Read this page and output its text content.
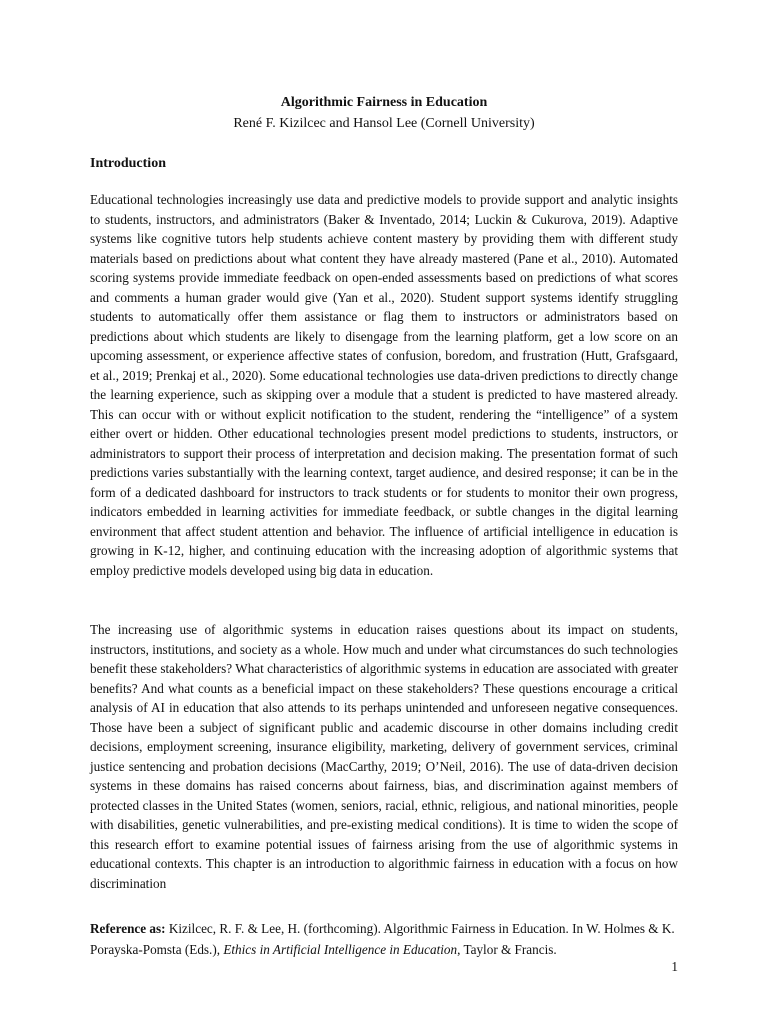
Algorithmic Fairness in Education
René F. Kizilcec and Hansol Lee (Cornell University)
Introduction

Educational technologies increasingly use data and predictive models to provide support and analytic insights to students, instructors, and administrators (Baker & Inventado, 2014; Luckin & Cukurova, 2019). Adaptive systems like cognitive tutors help students achieve content mastery by providing them with different study materials based on predictions about what content they have already mastered (Pane et al., 2010). Automated scoring systems provide immediate feedback on open-ended assessments based on predictions of what scores and comments a human grader would give (Yan et al., 2020). Student support systems identify struggling students to automatically offer them assistance or flag them to instructors or administrators based on predictions about which students are likely to disengage from the learning platform, get a low score on an upcoming assessment, or experience affective states of confusion, boredom, and frustration (Hutt, Grafsgaard, et al., 2019; Prenkaj et al., 2020). Some educational technologies use data-driven predictions to directly change the learning experience, such as skipping over a module that a student is predicted to have mastered already. This can occur with or without explicit notification to the student, rendering the “intelligence” of a system either overt or hidden. Other educational technologies present model predictions to students, instructors, or administrators to support their process of interpretation and decision making. The presentation format of such predictions varies substantially with the learning context, target audience, and desired response; it can be in the form of a dedicated dashboard for instructors to track students or for students to monitor their own progress, indicators embedded in learning activities for immediate feedback, or subtle changes in the digital learning environment that affect student attention and behavior. The influence of artificial intelligence in education is growing in K-12, higher, and continuing education with the increasing adoption of algorithmic systems that employ predictive models developed using big data in education.

The increasing use of algorithmic systems in education raises questions about its impact on students, instructors, institutions, and society as a whole. How much and under what circumstances do such technologies benefit these stakeholders? What characteristics of algorithmic systems in education are associated with greater benefits? And what counts as a beneficial impact on these stakeholders? These questions encourage a critical analysis of AI in education that also attends to its perhaps unintended and unforeseen negative consequences. Those have been a subject of significant public and academic discourse in other domains including credit decisions, employment screening, insurance eligibility, marketing, delivery of government services, criminal justice sentencing and probation decisions (MacCarthy, 2019; O’Neil, 2016). The use of data-driven decision systems in these domains has raised concerns about fairness, bias, and discrimination against members of protected classes in the United States (women, seniors, racial, ethnic, religious, and national minorities, people with disabilities, genetic vulnerabilities, and pre-existing medical conditions). It is time to widen the scope of this research effort to examine potential issues of fairness arising from the use of algorithmic systems in educational contexts. This chapter is an introduction to algorithmic fairness in education with a focus on how discrimination

Reference as: Kizilcec, R. F. & Lee, H. (forthcoming). Algorithmic Fairness in Education. In W. Holmes & K. Porayska-Pomsta (Eds.), Ethics in Artificial Intelligence in Education, Taylor & Francis.
1
